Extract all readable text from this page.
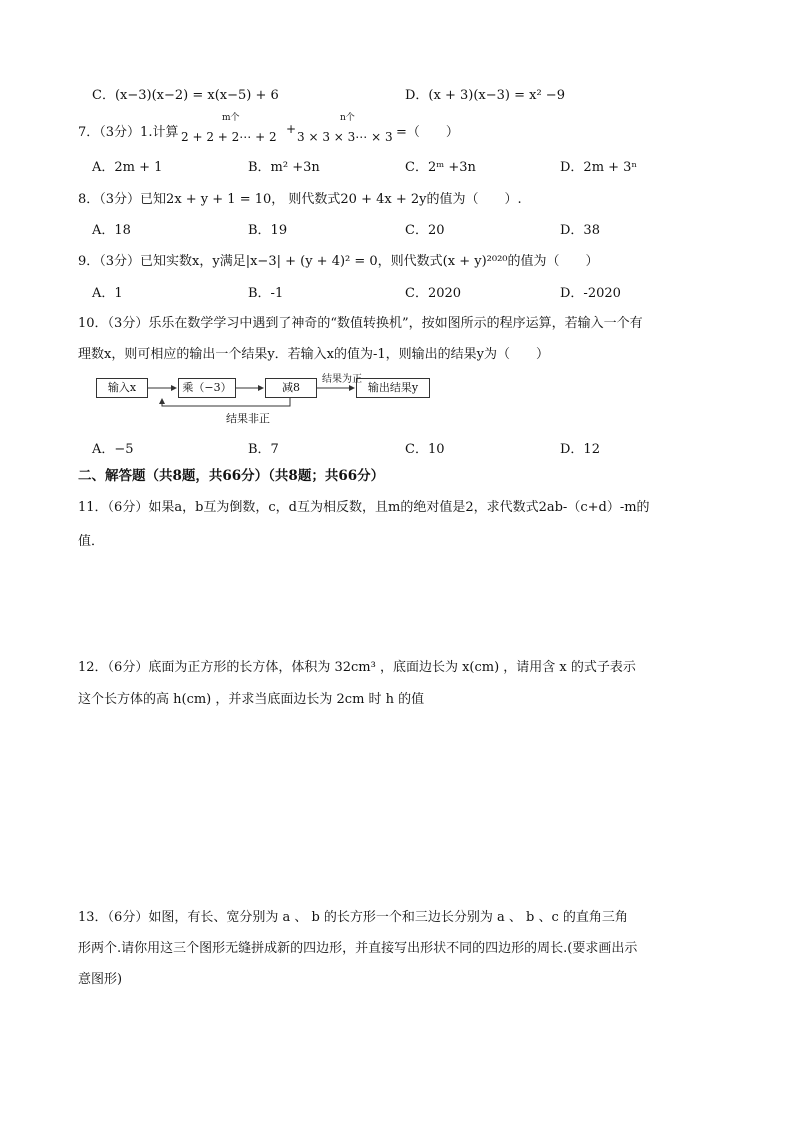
C．(x−3)(x−2) = x(x−5) + 6	D．(x + 3)(x−3) = x² −9
7．（3分）1.计算
m个	n个
2 + 2 + 2⋯ + 2
+
3 × 3 × 3⋯ × 3 =（　　）
A．2m + 1	B．m² +3n	C．2ᵐ +3n	D．2m + 3ⁿ
8．（3分）已知2x + y + 1 = 10， 则代数式20 + 4x + 2y的值为（　　）.
A．18	B．19	C．20	D．38
9．（3分）已知实数x，y满足|x−3| + (y + 4)² = 0，则代数式(x + y)²⁰²⁰的值为（　　）
A．1	B．-1	C．2020	D．-2020
10．（3分）乐乐在数学学习中遇到了神奇的“数值转换机”，按如图所示的程序运算，若输入一个有
理数x，则可相应的输出一个结果y．若输入x的值为-1，则输出的结果y为（　　）
输入x	乘（−3）	减8	输出结果y
结果为正
结果非正
A．−5	B．7	C．10	D．12
二、解答题（共8题，共66分）（共8题；共66分）
11．（6分）如果a，b互为倒数，c，d互为相反数，且m的绝对值是2，求代数式2ab-（c+d）-m的
值．
12．（6分）底面为正方形的长方体，体积为 32cm³ ，底面边长为 x(cm) ，请用含 x 的式子表示
这个长方体的高 h(cm) ，并求当底面边长为 2cm 时 h 的值
13．（6分）如图，有长、宽分别为 a 、 b 的长方形一个和三边长分别为 a 、 b 、c 的直角三角
形两个.请你用这三个图形无缝拼成新的四边形，并直接写出形状不同的四边形的周长.(要求画出示
意图形)
